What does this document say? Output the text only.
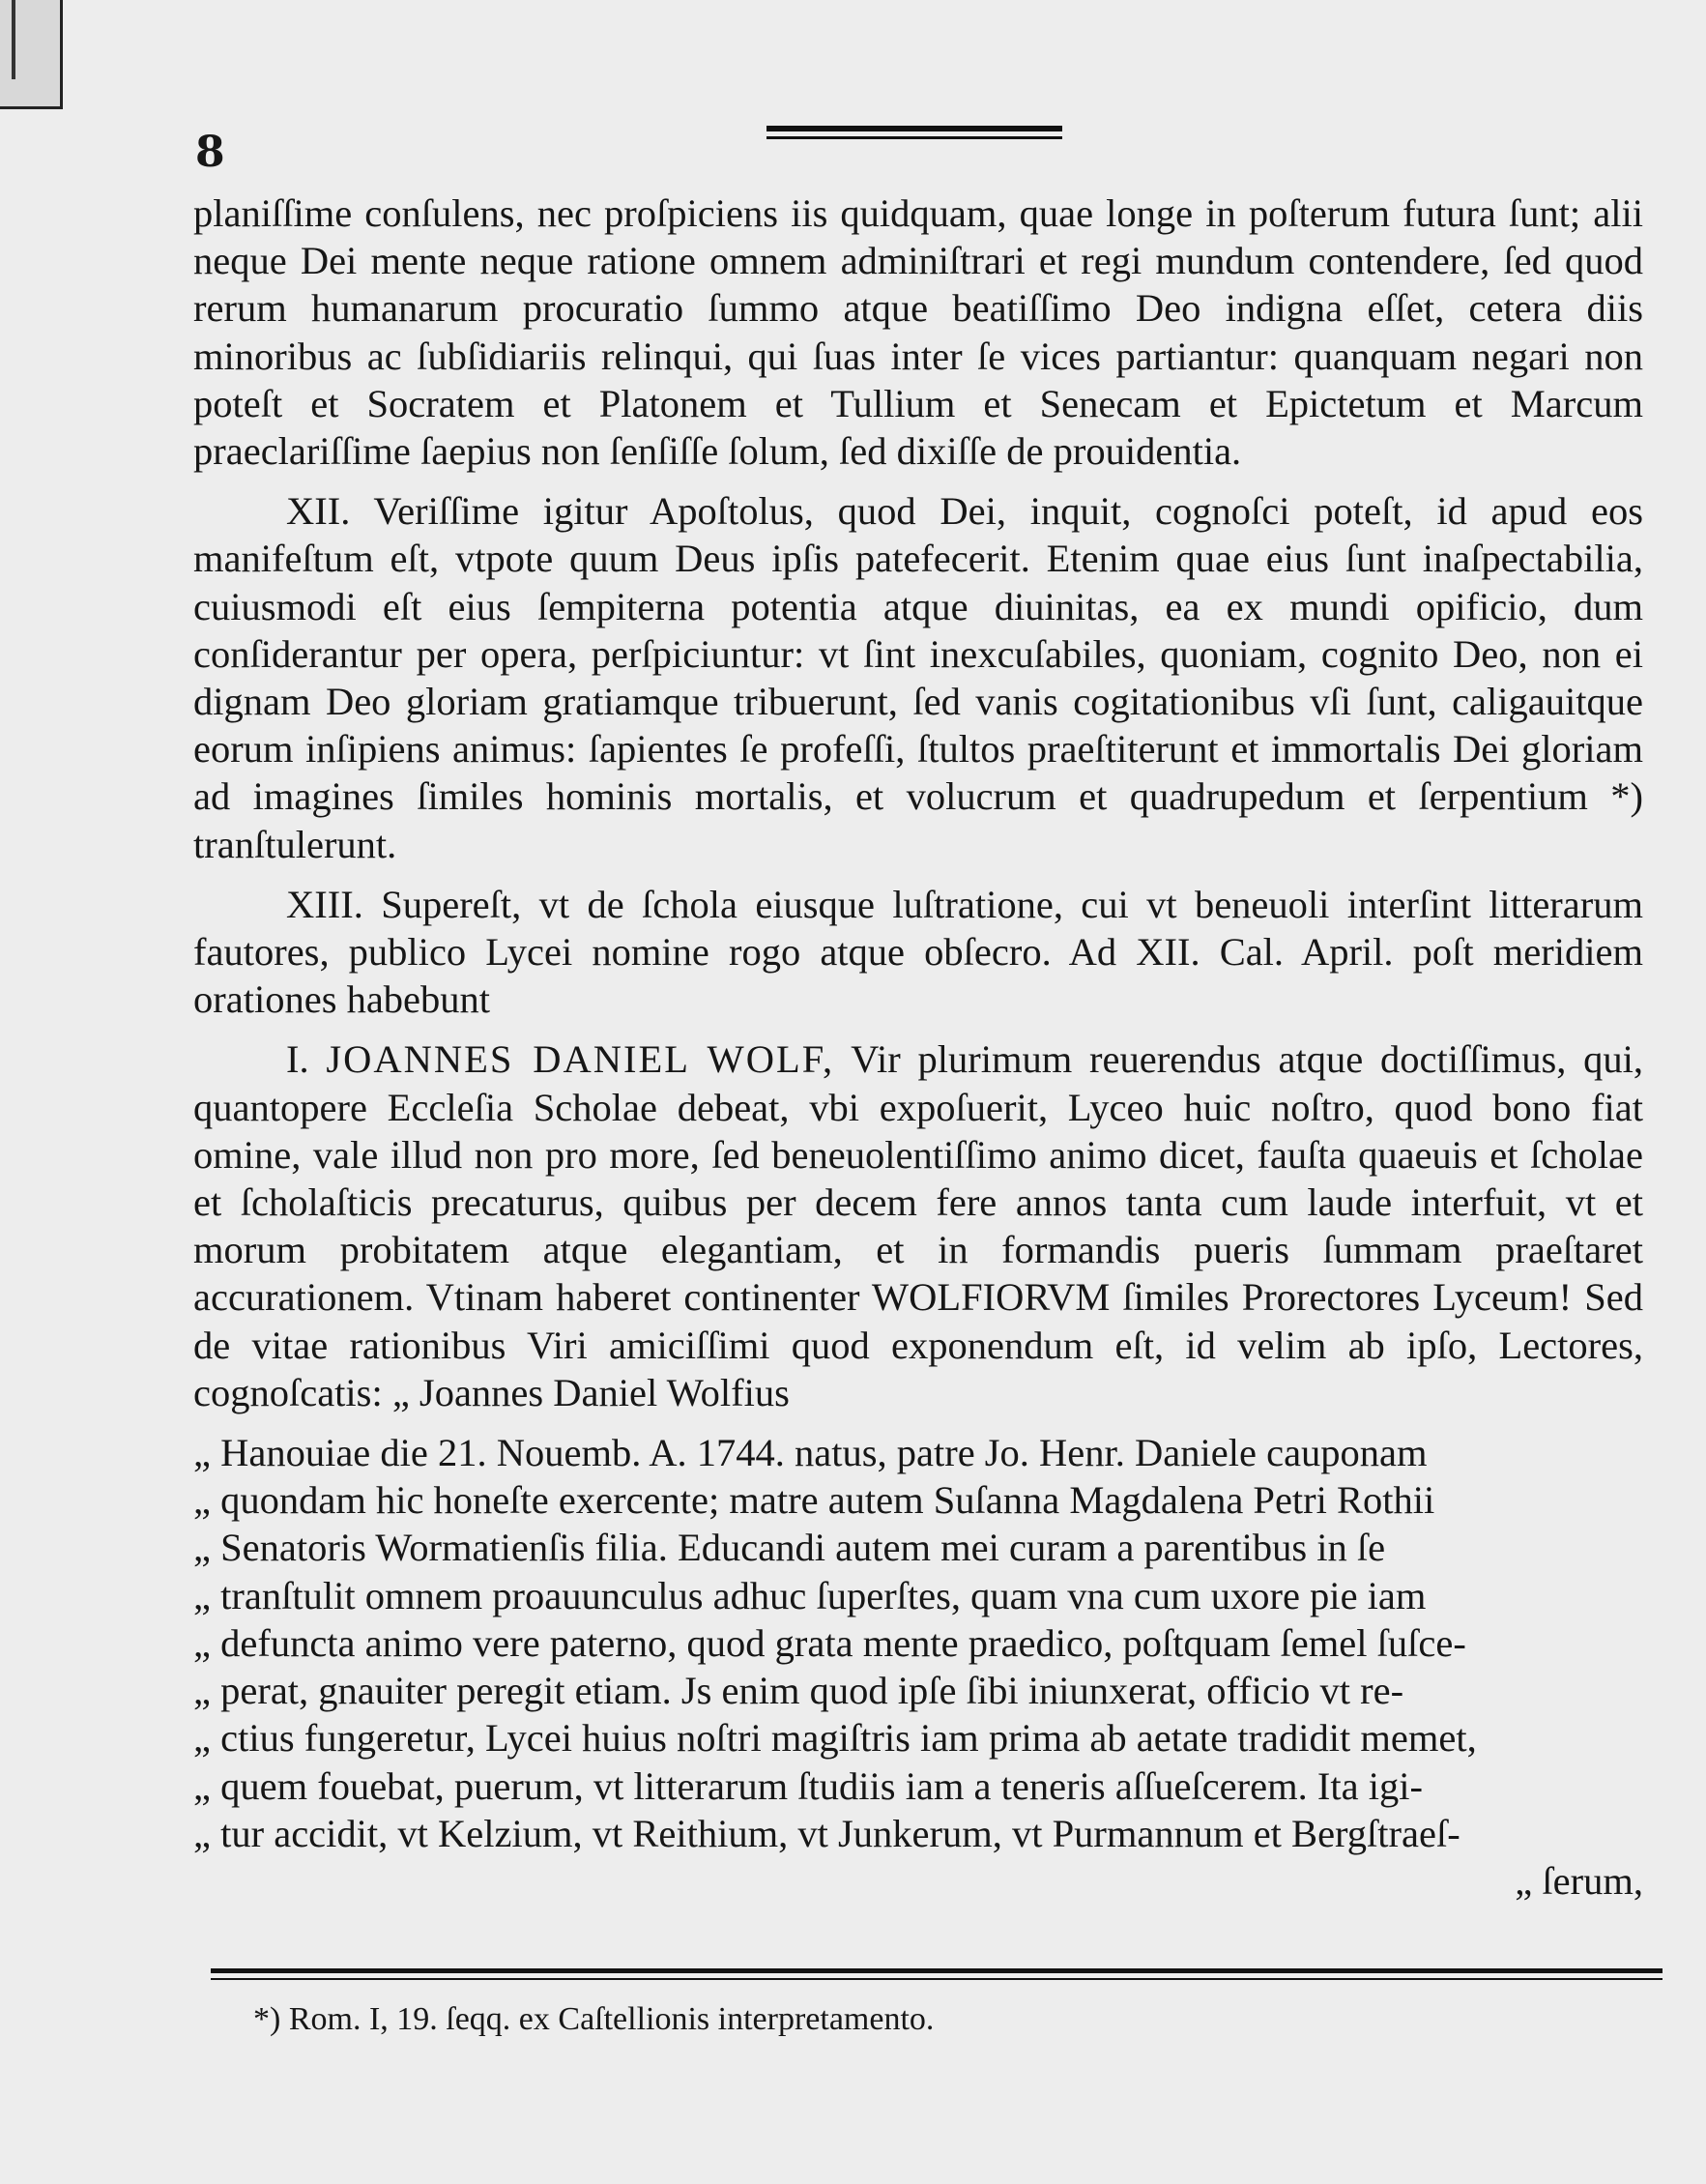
8

planiſſime conſulens, nec proſpiciens iis quidquam, quae longe in poſterum futura ſunt; alii neque Dei mente neque ratione omnem adminiſtrari et regi mundum contendere, ſed quod rerum humanarum procuratio ſummo atque beatiſſimo Deo indigna eſſet, cetera diis minoribus ac ſubſidiariis relinqui, qui ſuas inter ſe vices partiantur: quanquam negari non poteſt et Socratem et Platonem et Tullium et Senecam et Epictetum et Marcum praeclariſſime ſaepius non ſenſiſſe ſolum, ſed dixiſſe de prouidentia.

XII. Veriſſime igitur Apoſtolus, quod Dei, inquit, cognoſci poteſt, id apud eos manifeſtum eſt, vtpote quum Deus ipſis patefecerit. Etenim quae eius ſunt inaſpectabilia, cuiusmodi eſt eius ſempiterna potentia atque diuinitas, ea ex mundi opificio, dum conſiderantur per opera, perſpiciuntur: vt ſint inexcuſabiles, quoniam, cognito Deo, non ei dignam Deo gloriam gratiamque tribuerunt, ſed vanis cogitationibus vſi ſunt, caligauitque eorum inſipiens animus: ſapientes ſe profeſſi, ſtultos praeſtiterunt et immortalis Dei gloriam ad imagines ſimiles hominis mortalis, et volucrum et quadrupedum et ſerpentium *) tranſtulerunt.

XIII. Supereſt, vt de ſchola eiusque luſtratione, cui vt beneuoli interſint litterarum fautores, publico Lycei nomine rogo atque obſecro. Ad XII. Cal. April. poſt meridiem orationes habebunt

I. JOANNES DANIEL WOLF, Vir plurimum reuerendus atque doctiſſimus, qui, quantopere Eccleſia Scholae debeat, vbi expoſuerit, Lyceo huic noſtro, quod bono fiat omine, vale illud non pro more, ſed beneuolentiſſimo animo dicet, fauſta quaeuis et ſcholae et ſcholaſticis precaturus, quibus per decem fere annos tanta cum laude interfuit, vt et morum probitatem atque elegantiam, et in formandis pueris ſummam praeſtaret accurationem. Vtinam haberet continenter WOLFIORVM ſimiles Prorectores Lyceum! Sed de vitae rationibus Viri amiciſſimi quod exponendum eſt, id velim ab ipſo, Lectores, cognoſcatis: „ Joannes Daniel Wolfius

„ Hanouiae die 21. Nouemb. A. 1744. natus, patre Jo. Henr. Daniele cauponam
„ quondam hic honeſte exercente; matre autem Suſanna Magdalena Petri Rothii
„ Senatoris Wormatienſis filia. Educandi autem mei curam a parentibus in ſe
„ tranſtulit omnem proauunculus adhuc ſuperſtes, quam vna cum uxore pie iam
„ defuncta animo vere paterno, quod grata mente praedico, poſtquam ſemel ſuſce-
„ perat, gnauiter peregit etiam. Js enim quod ipſe ſibi iniunxerat, officio vt re-
„ ctius fungeretur, Lycei huius noſtri magiſtris iam prima ab aetate tradidit memet,
„ quem fouebat, puerum, vt litterarum ſtudiis iam a teneris aſſueſcerem. Ita igi-
„ tur accidit, vt Kelzium, vt Reithium, vt Junkerum, vt Purmannum et Bergſtraeſ-
„ ſerum,
*) Rom. I, 19. ſeqq. ex Caſtellionis interpretamento.
